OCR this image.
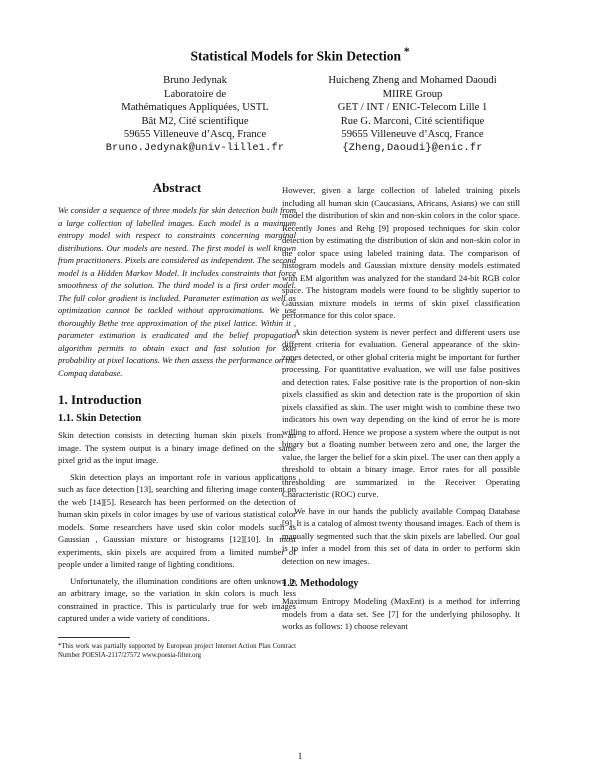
Statistical Models for Skin Detection *
Bruno Jedynak
Laboratoire de
Mathématiques Appliquées, USTL
Bât M2, Cité scientifique
59655 Villeneuve d’Ascq, France
Bruno.Jedynak@univ-lille1.fr
Huicheng Zheng and Mohamed Daoudi
MIIRE Group
GET / INT / ENIC-Telecom Lille 1
Rue G. Marconi, Cité scientifique
59655 Villeneuve d’Ascq, France
{Zheng,Daoudi}@enic.fr
Abstract

We consider a sequence of three models for skin detection built from a large collection of labelled images. Each model is a maximum entropy model with respect to constraints concerning marginal distributions. Our models are nested. The first model is well known from practitioners. Pixels are considered as independent. The second model is a Hidden Markov Model. It includes constraints that force smoothness of the solution. The third model is a first order model. The full color gradient is included. Parameter estimation as well as optimization cannot be tackled without approximations. We use thoroughly Bethe tree approximation of the pixel lattice. Within it , parameter estimation is eradicated and the belief propagation algorithm permits to obtain exact and fast solution for skin probability at pixel locations. We then assess the performance on the Compaq database.

1. Introduction
1.1. Skin Detection

Skin detection consists in detecting human skin pixels from an image. The system output is a binary image defined on the same pixel grid as the input image.

Skin detection plays an important role in various applications such as face detection [13], searching and filtering image content on the web [14][5]. Research has been performed on the detection of human skin pixels in color images by use of various statistical color models. Some researchers have used skin color models such as Gaussian , Gaussian mixture or histograms [12][10]. In most experiments, skin pixels are acquired from a limited number of people under a limited range of lighting conditions.

Unfortunately, the illumination conditions are often unknown in an arbitrary image, so the variation in skin colors is much less constrained in practice. This is particularly true for web images captured under a wide variety of conditions.

*This work was partially supported by European project Internet Action Plan Contract Number POESIA-2117/27572 www.poesia-filter.org

However, given a large collection of labeled training pixels including all human skin (Caucasians, Africans, Asians) we can still model the distribution of skin and non-skin colors in the color space. Recently Jones and Rehg [9] proposed techniques for skin color detection by estimating the distribution of skin and non-skin color in the color space using labeled training data. The comparison of histogram models and Gaussian mixture density models estimated with EM algorithm was analyzed for the standard 24-bit RGB color space. The histogram models were found to be slightly superior to Gaussian mixture models in terms of skin pixel classification performance for this color space.

A skin detection system is never perfect and different users use different criteria for evaluation. General appearance of the skin-zones detected, or other global criteria might be important for further processing. For quantitative evaluation, we will use false positives and detection rates. False positive rate is the proportion of non-skin pixels classified as skin and detection rate is the proportion of skin pixels classified as skin. The user might wish to combine these two indicators his own way depending on the kind of error he is more willing to afford. Hence we propose a system where the output is not binary but a floating number between zero and one, the larger the value, the larger the belief for a skin pixel. The user can then apply a threshold to obtain a binary image. Error rates for all possible thresholding are summarized in the Receiver Operating Characteristic (ROC) curve.

We have in our hands the publicly available Compaq Database [9]. It is a catalog of almost twenty thousand images. Each of them is manually segmented such that the skin pixels are labelled. Our goal is to infer a model from this set of data in order to perform skin detection on new images.

1.2. Methodology

Maximum Entropy Modeling (MaxEnt) is a method for inferring models from a data set. See [7] for the underlying philosophy. It works as follows: 1) choose relevant

1
